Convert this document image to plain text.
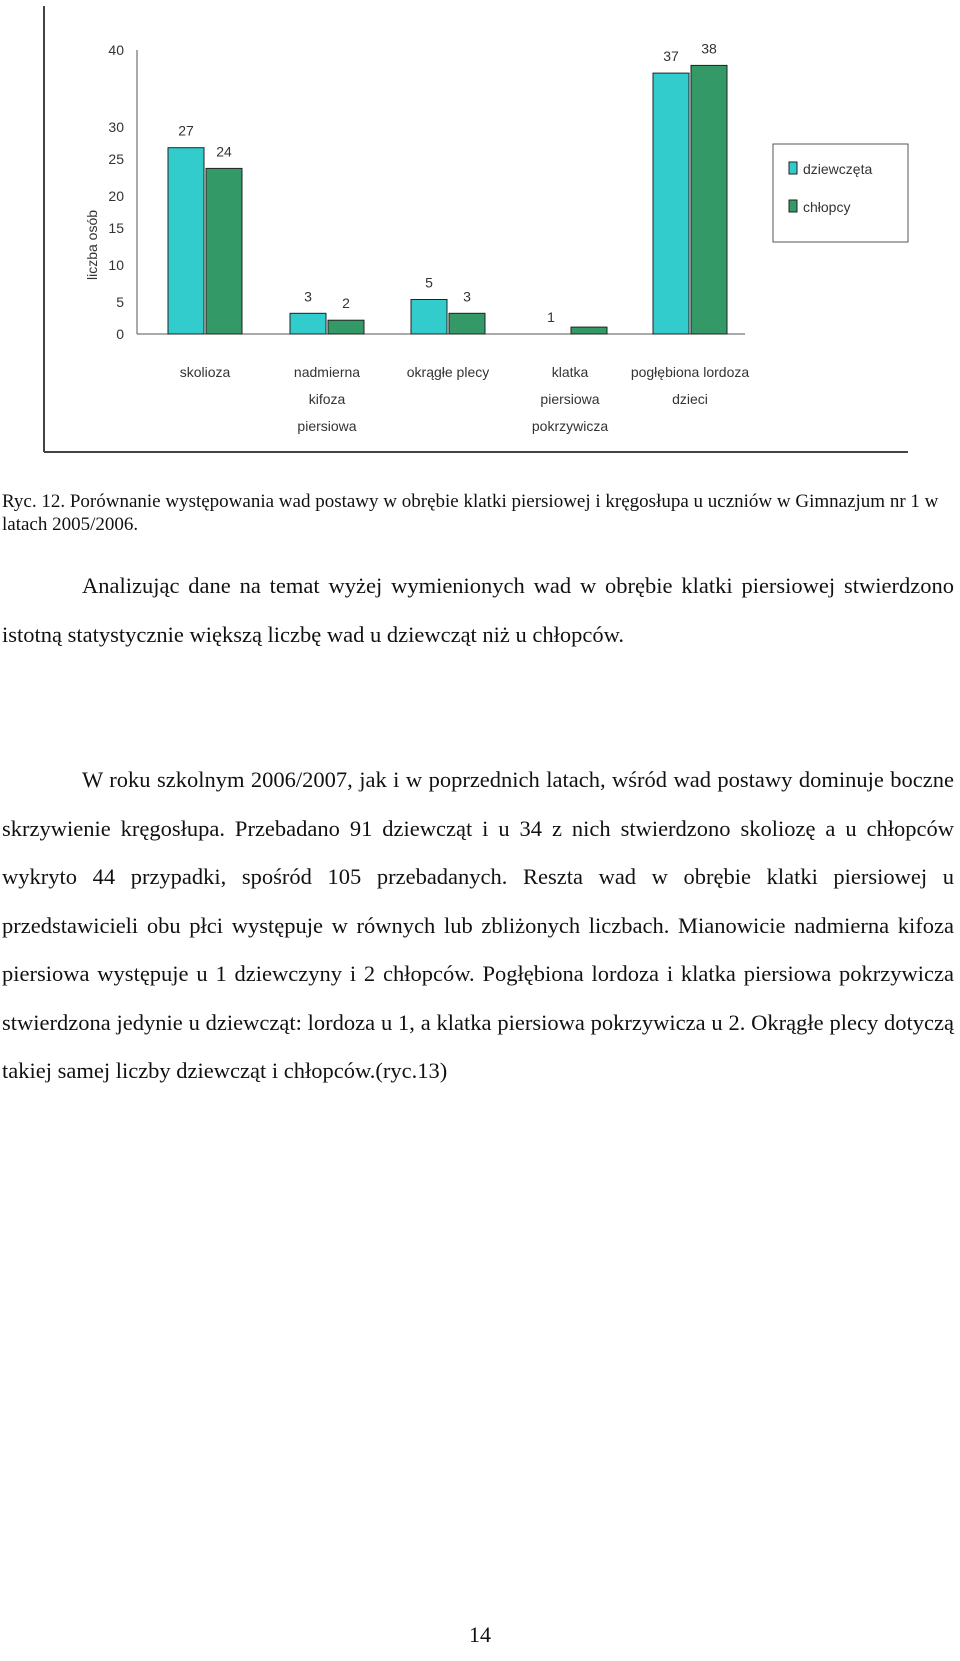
0
5
10
15
20
25
30
40
liczba osób
27
3
5
1
37
24
2	3
38
skolioza	nadmierna
kifoza
piersiowa
okrągłe plecy	klatka
piersiowa
pokrzywicza
pogłębiona lordoza
dzieci
dziewczęta
chłopcy

Ryc. 12. Porównanie występowania wad postawy w obrębie klatki piersiowej i kręgosłupa u uczniów w Gimnazjum nr 1 w latach 2005/2006.

Analizując dane na temat wyżej wymienionych wad w obrębie klatki piersiowej stwierdzono istotną statystycznie większą liczbę wad u dziewcząt niż u chłopców.

W roku szkolnym 2006/2007, jak i w poprzednich latach, wśród wad postawy dominuje boczne skrzywienie kręgosłupa. Przebadano 91 dziewcząt i u 34 z nich stwierdzono skoliozę a u chłopców wykryto 44 przypadki, spośród 105 przebadanych. Reszta wad w obrębie klatki piersiowej u przedstawicieli obu płci występuje w równych lub zbliżonych liczbach. Mianowicie nadmierna kifoza piersiowa występuje u 1 dziewczyny i 2 chłopców. Pogłębiona lordoza i klatka piersiowa pokrzywicza stwierdzona jedynie u dziewcząt: lordoza u 1, a klatka piersiowa pokrzywicza u 2. Okrągłe plecy dotyczą takiej samej liczby dziewcząt i chłopców.(ryc.13)

14
